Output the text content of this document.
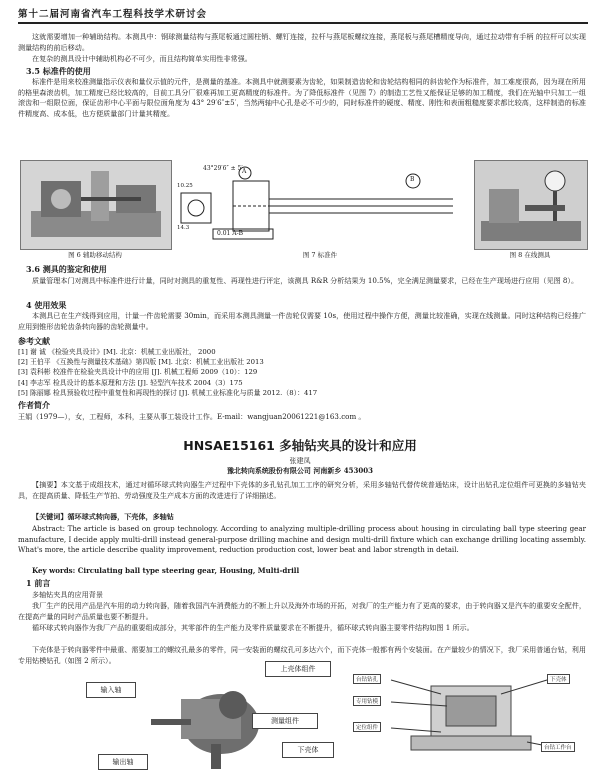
第十二届河南省汽车工程科技学术研讨会
这就需要增加一种辅助结构。本测具中：钢球测量结构与燕尾板通过圆柱销、螺钉连接，拉杆与燕尾板螺纹连接，燕尾板与燕尾槽精度导向，通过拉动带有手柄 的拉杆可以实现测量结构的前后移动。
在复杂的测具设计中辅助机构必不可少，而且结构简单实用性非常强。
3.5 标准件的使用
标准件是用来校准测量指示仪表和量仪示值的元件，是测量的基准。本测具中就测要素为齿轮，如果制造齿轮和齿轮结构相同的斜齿轮作为标准件，加工难度很高，因为现在所用的格里森滚齿机，加工精度已经比较高的，目前工具分厂很难再加工更高精度的标准件。为了降低标准件（见图 7）的制造工艺性又能保证足够的加工精度，我们在光轴中只加工一组滚齿和一组限位面，保证齿形中心平面与限位面角度为 43° 29′6″±5′，当然两轴中心孔是必不可少的，同时标准件的硬度、精度、刚性和表面粗糙度要求都比较高，这样制造的标准件精度高、成本低，也方便质量部门计量其精度。
图 6 辅助移动结构
43°29′6″ ± 5′
0.01 A-B
10.25
14.3
A
B
图 7 标准件	图 8 在线测具
3.6 测具的鉴定和使用
质量管理本门对测具中标准件进行计量，同时对测具的重复性、再现性进行评定，该测具 R&R 分析结果为 10.5%，完全满足测量要求，已经在生产现场进行应用（见图 8）。
4 使用效果
本测具已在生产线得到应用，计量一件齿轮需要 30min，而采用本测具测量一件齿轮仅需要 10s，使用过程中操作方便，测量比较准确，实现在线测量。同时这种结构已经推广应用到锥形齿轮齿条转向器的齿轮测量中。
参考文献
[1] 谢 诚 《检验夹具设计》[M]. 北京：机械工业出版社， 2000
[2] 王伯平 《互换性与测量技术基础》第四版 [M]. 北京：机械工业出版社 2013
[3] 袁科彬 校准件在检验夹具设计中的应用 [J]. 机械工程师 2009（10）：129
[4] 李志军 检具设计的基本原理和方法 [J]. 轻型汽车技术 2004（3）175
[5] 陈丽娜 检具预验收过程中重复性和再现性的探讨 [J]. 机械工业标准化与质量 2012.（8）：417
作者简介
王娟（1979—），女，工程师，本科，主要从事工装设计工作。E-mail：wangjuan20061221@163.com 。
HNSAE15161 多轴钻夹具的设计和应用
张建凤
豫北转向系统股份有限公司 河南新乡 453003
【摘要】本文基于成组技术，通过对循环球式转向器生产过程中下壳体的多孔钻孔加工工序的研究分析，采用多轴钻代替传统普通钻床，设计出钻孔定位组件可更换的多轴钻夹具，在提高质量、降低生产节拍、劳动强度及生产成本方面的改进进行了详细描述。
【关键词】循环球式转向器，下壳体，多轴钻
Abstract: The article is based on group technology. According to analyzing multiple-drilling process about housing in circulating ball type steering gear manufacture, I decide apply multi-drill instead general-purpose drilling machine and design multi-drill fixture which can exchange drilling locating assembly. What's more, the article describe quality improvement, reduction production cost, lower beat and labor strength in detail.
Key words: Circulating ball type steering gear, Housing, Multi-drill
1 前言
多轴钻夹具的应用背景
我厂生产的民用产品是汽车用的动力转向器，随着我国汽车消费能力的不断上升以及海外市场的开拓，对我厂的生产能力有了更高的要求，由于转向器又是汽车的重要安全配件，在提高产量的同时产品质量也要不断提升。
循环球式转向器作为我厂产品的重要组成部分，其零部件的生产能力及零件质量要求在不断提升，循环球式转向器主要零件结构如图 1 所示。
下壳体是于转向器零件中最重、需要加工的螺纹孔最多的零件，同一安装面的螺纹孔可多达六个，而下壳体一般都有两个安装面。在产量较少的情况下，我厂采用普通台钻，利用专用钻模钻孔（如图 2 所示）。
上壳体组件
输入轴
测量组件
下壳体
输出轴
台钻钻孔
专用钻模
定位组件
下壳体
台钻工作台
